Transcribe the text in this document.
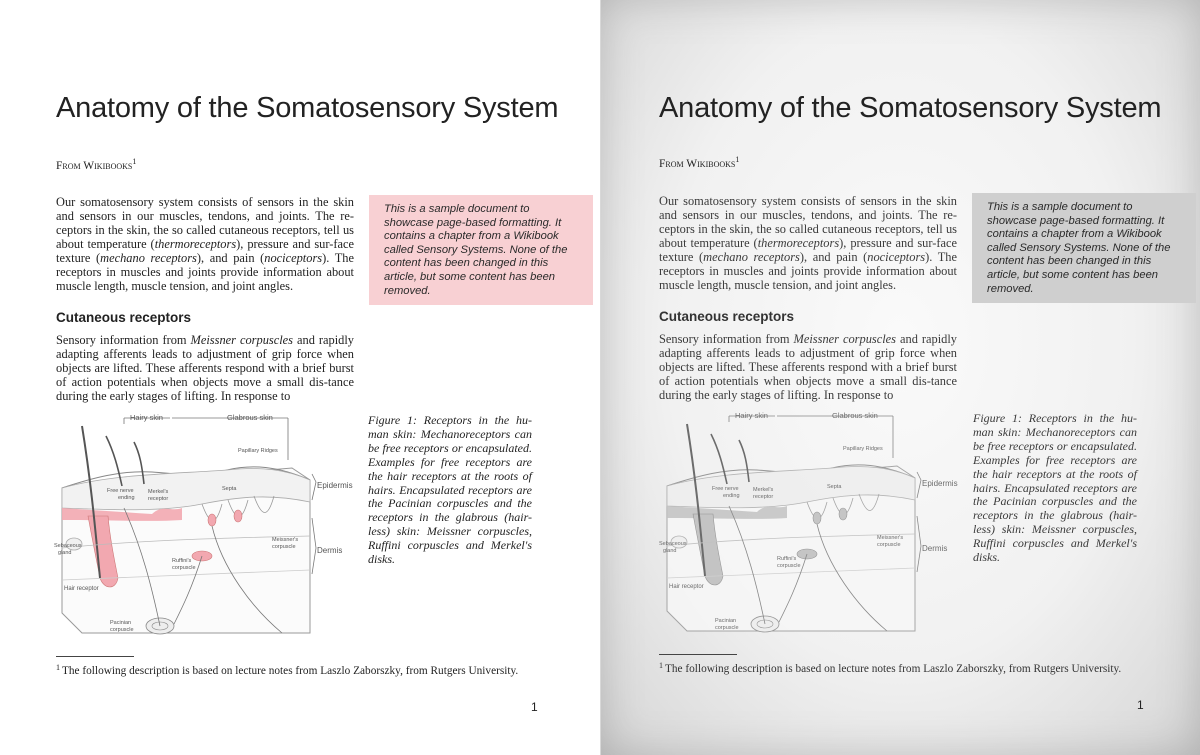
Anatomy of the Somatosensory System
From Wikibooks$^1$

Our somatosensory system consists of sensors in the skin and sensors in our muscles, tendons, and joints. The re-ceptors in the skin, the so called cutaneous receptors, tell us about temperature (thermoreceptors), pressure and sur-face texture (mechano receptors), and pain (nociceptors). The receptors in muscles and joints provide information about muscle length, muscle tension, and joint angles.

This is a sample document to showcase page-based formatting. It contains a chapter from a Wikibook called Sensory Systems. None of the content has been changed in this article, but some content has been removed.
Cutaneous receptors

Sensory information from Meissner corpuscles and rapidly adapting afferents leads to adjustment of grip force when objects are lifted. These afferents respond with a brief burst of action potentials when objects move a small dis-tance during the early stages of lifting. In response to

Hairy skin	Glabrous skin
Papillary Ridges
Septa
Free nerve
ending
Merkel's
receptor
Epidermis
Dermis
Meissner's
corpuscle
Sebaceous
gland
Ruffini's
corpuscle
Hair receptor
Pacinian
corpuscle

Figure 1: Receptors in the hu-man skin: Mechanoreceptors can be free receptors or encapsulated. Examples for free receptors are the hair receptors at the roots of hairs. Encapsulated receptors are the Pacinian corpuscles and the receptors in the glabrous (hair-less) skin: Meissner corpuscles, Ruffini corpuscles and Merkel's disks.

$^1$ The following description is based on lecture notes from Laszlo Zaborszky, from Rutgers University.

1
Anatomy of the Somatosensory System
From Wikibooks$^1$

Our somatosensory system consists of sensors in the skin and sensors in our muscles, tendons, and joints. The re-ceptors in the skin, the so called cutaneous receptors, tell us about temperature (thermoreceptors), pressure and sur-face texture (mechano receptors), and pain (nociceptors). The receptors in muscles and joints provide information about muscle length, muscle tension, and joint angles.

This is a sample document to showcase page-based formatting. It contains a chapter from a Wikibook called Sensory Systems. None of the content has been changed in this article, but some content has been removed.
Cutaneous receptors

Sensory information from Meissner corpuscles and rapidly adapting afferents leads to adjustment of grip force when objects are lifted. These afferents respond with a brief burst of action potentials when objects move a small dis-tance during the early stages of lifting. In response to

Hairy skin	Glabrous skin
Papillary Ridges
Septa
Free nerve
ending
Merkel's
receptor
Epidermis
Dermis
Meissner's
corpuscle
Sebaceous
gland
Ruffini's
corpuscle
Hair receptor
Pacinian
corpuscle

Figure 1: Receptors in the hu-man skin: Mechanoreceptors can be free receptors or encapsulated. Examples for free receptors are the hair receptors at the roots of hairs. Encapsulated receptors are the Pacinian corpuscles and the receptors in the glabrous (hair-less) skin: Meissner corpuscles, Ruffini corpuscles and Merkel's disks.

$^1$ The following description is based on lecture notes from Laszlo Zaborszky, from Rutgers University.

1
